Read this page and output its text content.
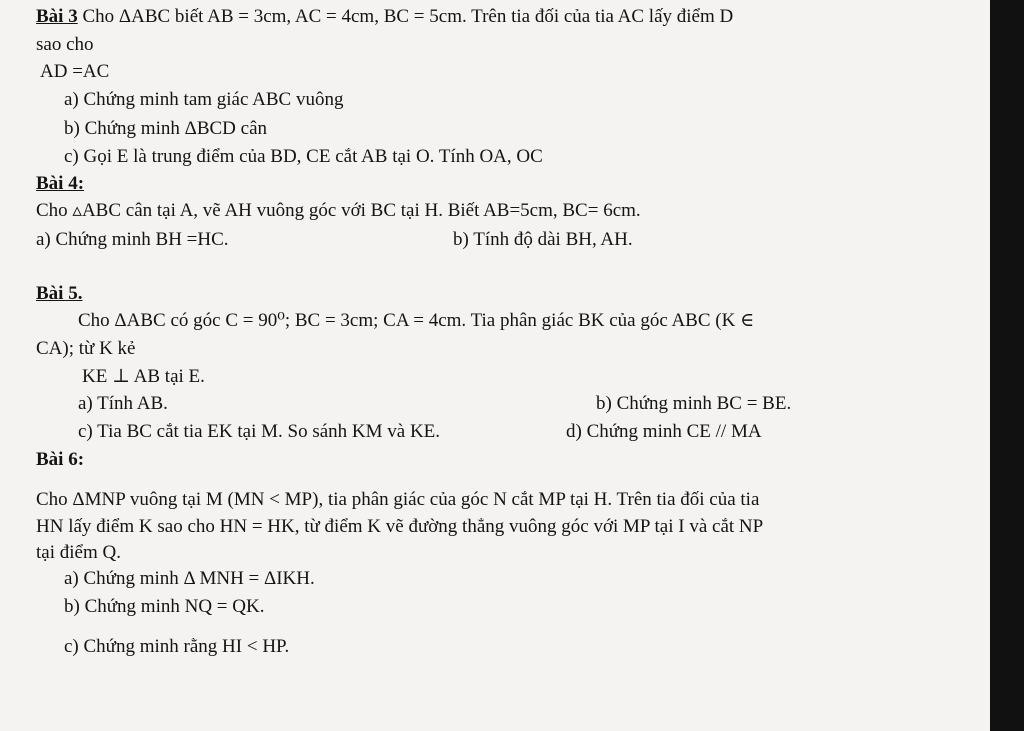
Bài 3 Cho ΔABC biết AB = 3cm, AC = 4cm, BC = 5cm. Trên tia đối của tia AC lấy điểm D
sao cho
AD =AC
a) Chứng minh tam giác ABC vuông
b) Chứng minh ΔBCD cân
c) Gọi E là trung điểm của BD, CE cắt AB tại O. Tính OA, OC
Bài 4:
Cho ▵ABC cân tại A, vẽ AH vuông góc với BC tại H. Biết AB=5cm, BC= 6cm.
a) Chứng minh BH =HC.	b) Tính độ dài BH, AH.
Bài 5.
Cho ΔABC có góc C = 90⁰; BC = 3cm; CA = 4cm. Tia phân giác BK của góc ABC (K ∈
CA); từ K kẻ
KE ⊥ AB tại E.
a) Tính AB.	b) Chứng minh BC = BE.
c) Tia BC cắt tia EK tại M. So sánh KM và KE.	d) Chứng minh CE // MA
Bài 6:
Cho ΔMNP vuông tại M (MN < MP), tia phân giác của góc N cắt MP tại H. Trên tia đối của tia
HN lấy điểm K sao cho HN = HK, từ điểm K vẽ đường thẳng vuông góc với MP tại I và cắt NP
tại điểm Q.
a) Chứng minh Δ MNH = ΔIKH.
b) Chứng minh NQ = QK.
c) Chứng minh rằng HI < HP.
